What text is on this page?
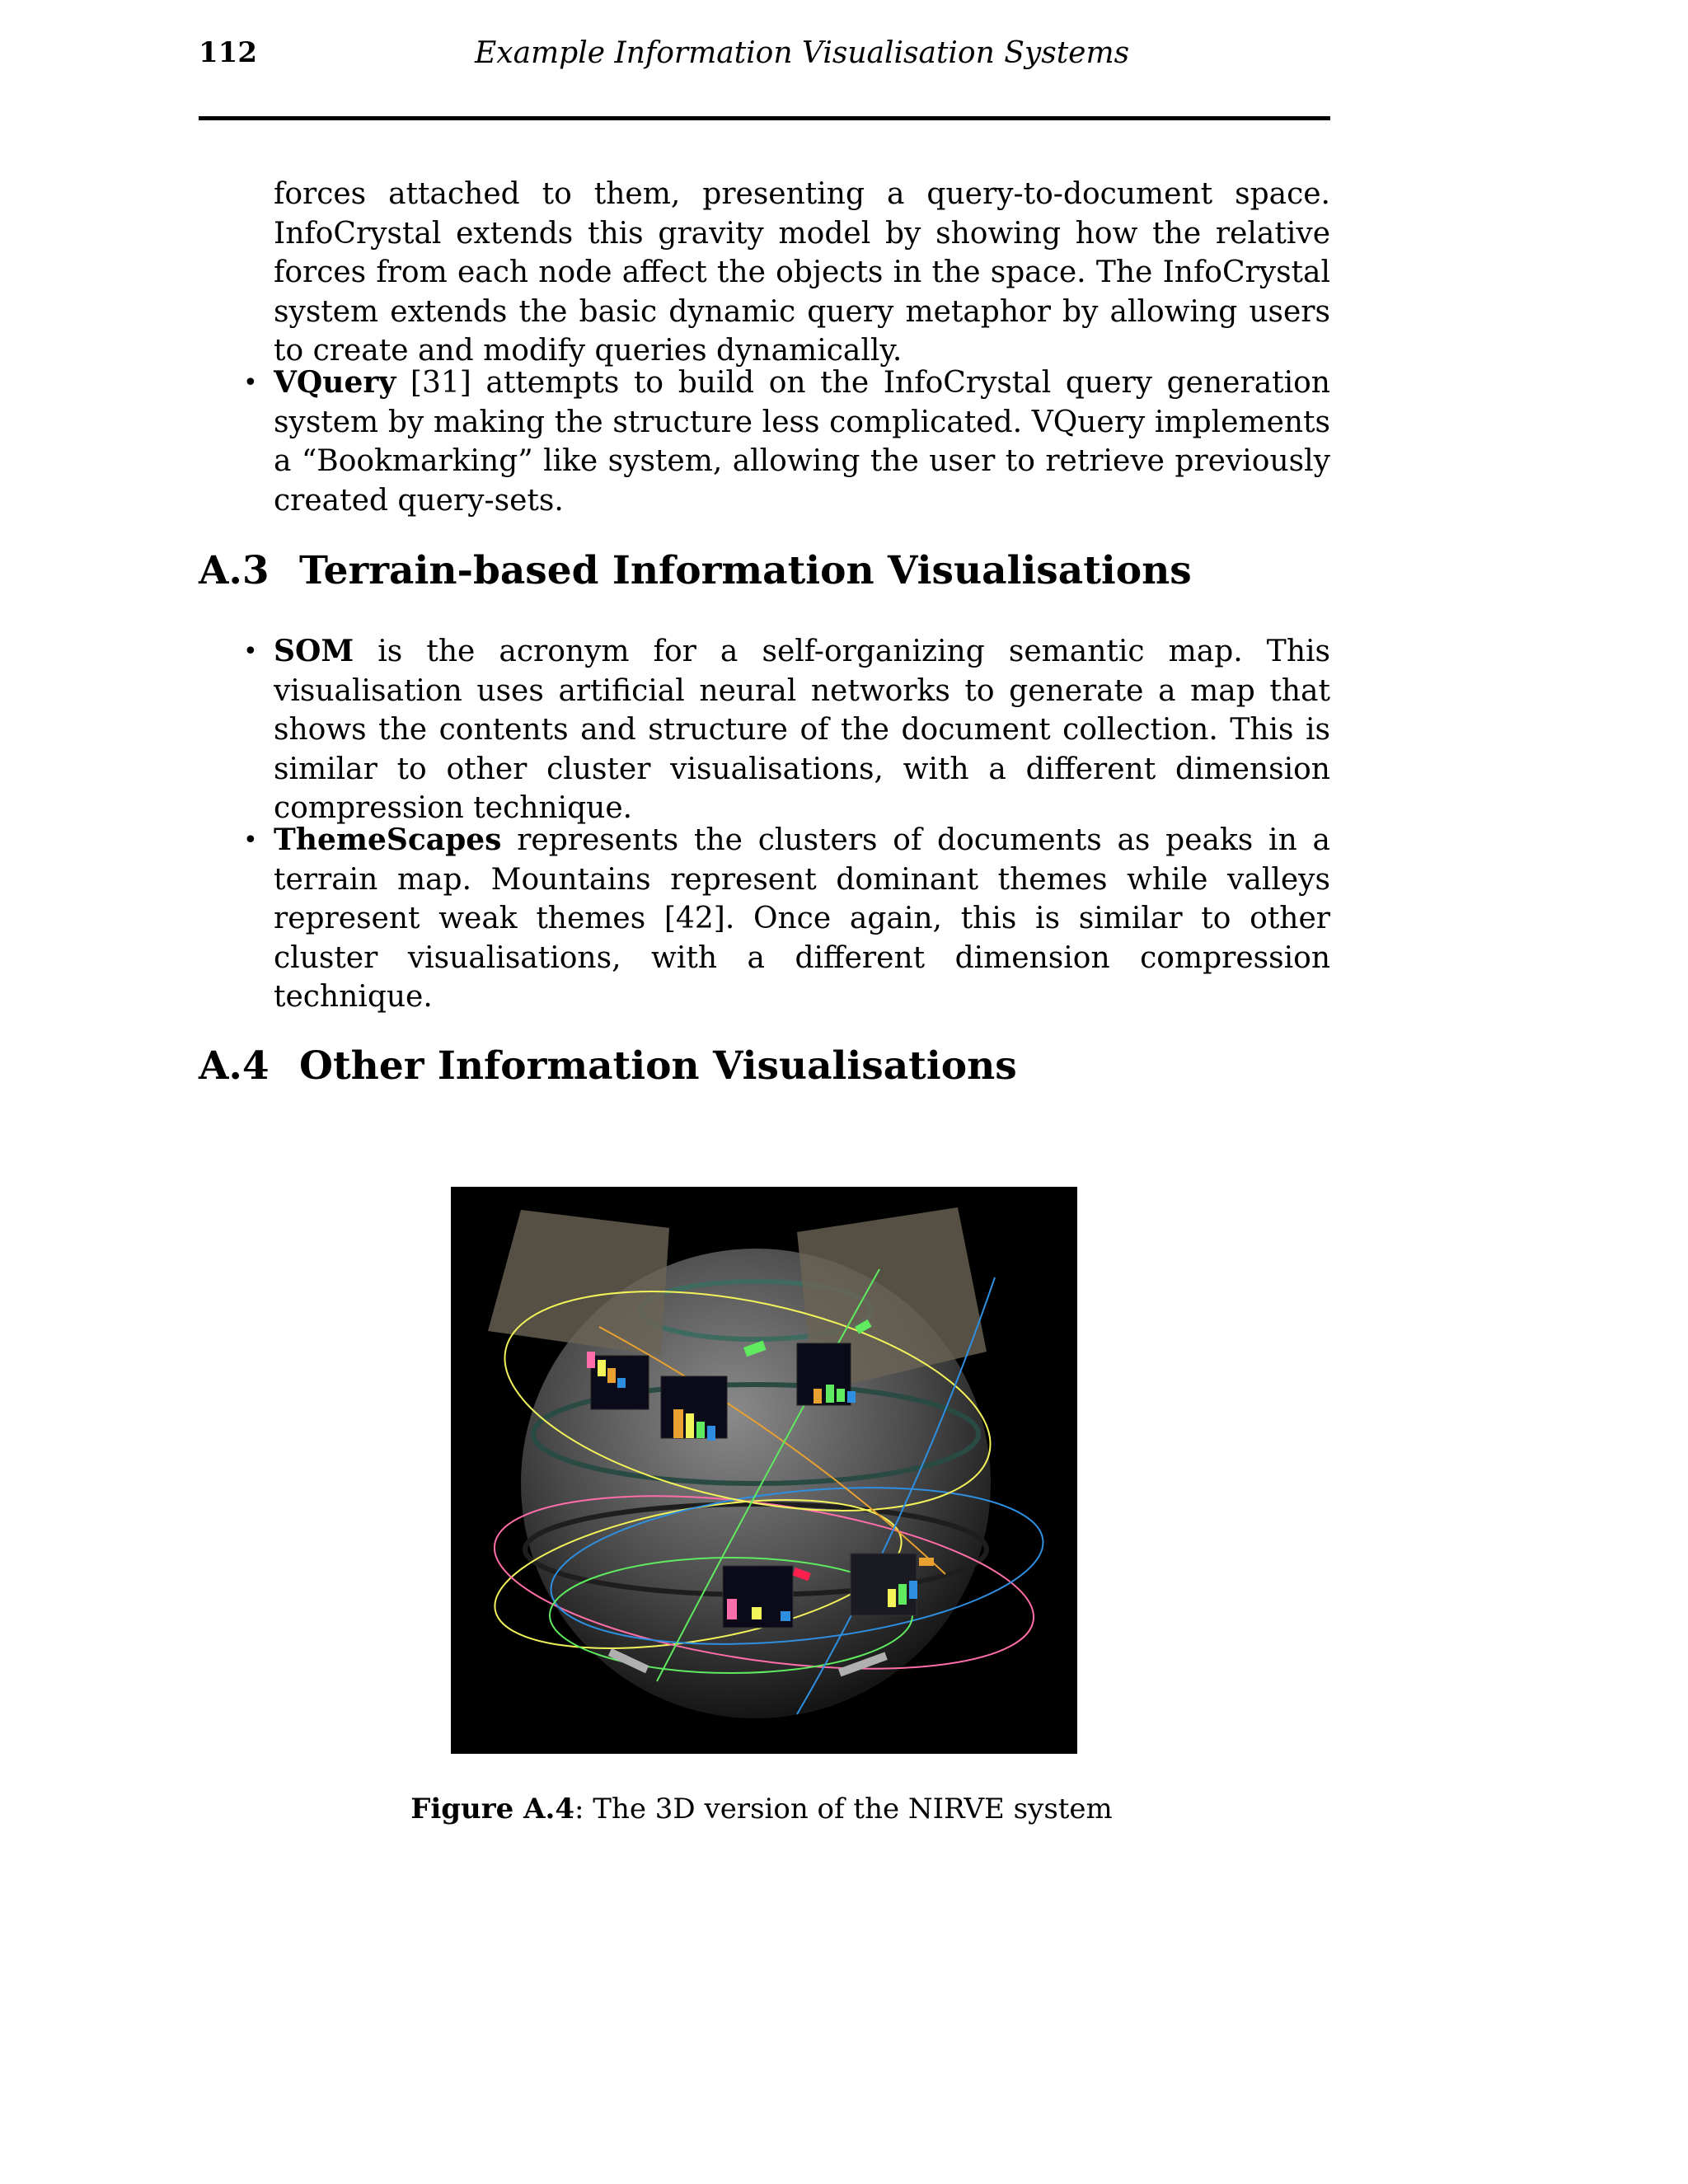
112	Example Information Visualisation Systems

forces attached to them, presenting a query-to-document space. InfoCrystal extends this gravity model by showing how the relative forces from each node affect the objects in the space. The InfoCrystal system extends the basic dynamic query metaphor by allowing users to create and modify queries dynamically.

• VQuery [31] attempts to build on the InfoCrystal query generation system by making the structure less complicated. VQuery implements a “Bookmarking” like system, allowing the user to retrieve previously created query-sets.

A.3 Terrain-based Information Visualisations
• SOM is the acronym for a self-organizing semantic map. This visualisation uses artificial neural networks to generate a map that shows the contents and structure of the document collection. This is similar to other cluster visualisations, with a different dimension compression technique.

• ThemeScapes represents the clusters of documents as peaks in a terrain map. Mountains represent dominant themes while valleys represent weak themes [42]. Once again, this is similar to other cluster visualisations, with a different dimension compression technique.

A.4 Other Information Visualisations
Figure A.4: The 3D version of the NIRVE system
